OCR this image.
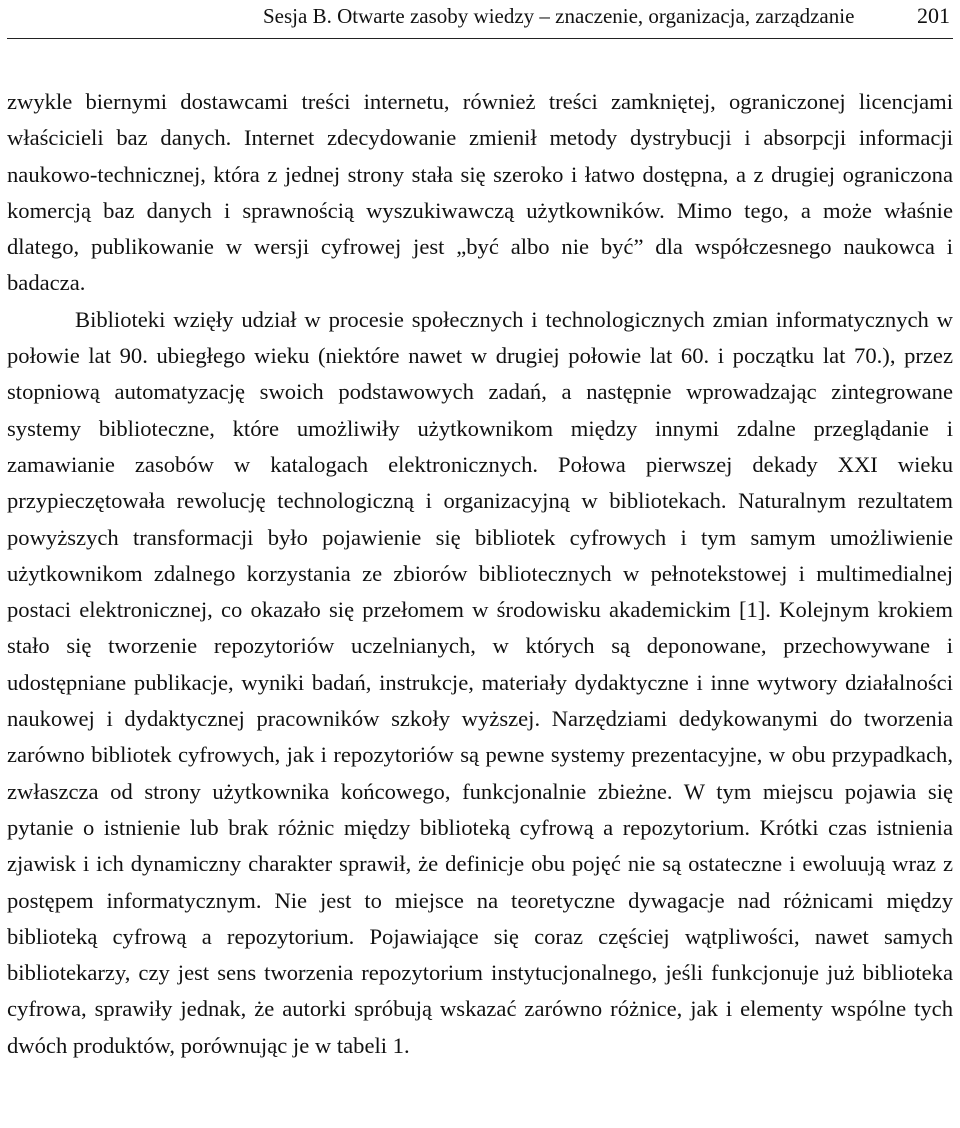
Sesja B. Otwarte zasoby wiedzy – znaczenie, organizacja, zarządzanie	201

zwykle biernymi dostawcami treści internetu, również treści zamkniętej, ograniczonej licencjami właścicieli baz danych. Internet zdecydowanie zmienił metody dystrybucji i absorpcji informacji naukowo-technicznej, która z jednej strony stała się szeroko i łatwo dostępna, a z drugiej ograniczona komercją baz danych i sprawnością wyszukiwawczą użytkowników. Mimo tego, a może właśnie dlatego, publikowanie w wersji cyfrowej jest „być albo nie być” dla współczesnego naukowca i badacza.

Biblioteki wzięły udział w procesie społecznych i technologicznych zmian informatycznych w połowie lat 90. ubiegłego wieku (niektóre nawet w drugiej połowie lat 60. i początku lat 70.), przez stopniową automatyzację swoich podstawowych zadań, a następnie wprowadzając zintegrowane systemy biblioteczne, które umożliwiły użytkownikom między innymi zdalne przeglądanie i zamawianie zasobów w katalogach elektronicznych. Połowa pierwszej dekady XXI wieku przypieczętowała rewolucję technologiczną i organizacyjną w bibliotekach. Naturalnym rezultatem powyższych transformacji było pojawienie się bibliotek cyfrowych i tym samym umożliwienie użytkownikom zdalnego korzystania ze zbiorów bibliotecznych w pełnotekstowej i multimedialnej postaci elektronicznej, co okazało się przełomem w środowisku akademickim [1]. Kolejnym krokiem stało się tworzenie repozytoriów uczelnianych, w których są deponowane, przechowywane i udostępniane publikacje, wyniki badań, instrukcje, materiały dydaktyczne i inne wytwory działalności naukowej i dydaktycznej pracowników szkoły wyższej. Narzędziami dedykowanymi do tworzenia zarówno bibliotek cyfrowych, jak i repozytoriów są pewne systemy prezentacyjne, w obu przypadkach, zwłaszcza od strony użytkownika końcowego, funkcjonalnie zbieżne. W tym miejscu pojawia się pytanie o istnienie lub brak różnic między biblioteką cyfrową a repozytorium. Krótki czas istnienia zjawisk i ich dynamiczny charakter sprawił, że definicje obu pojęć nie są ostateczne i ewoluują wraz z postępem informatycznym. Nie jest to miejsce na teoretyczne dywagacje nad różnicami między biblioteką cyfrową a repozytorium. Pojawiające się coraz częściej wątpliwości, nawet samych bibliotekarzy, czy jest sens tworzenia repozytorium instytucjonalnego, jeśli funkcjonuje już biblioteka cyfrowa, sprawiły jednak, że autorki spróbują wskazać zarówno różnice, jak i elementy wspólne tych dwóch produktów, porównując je w tabeli 1.
